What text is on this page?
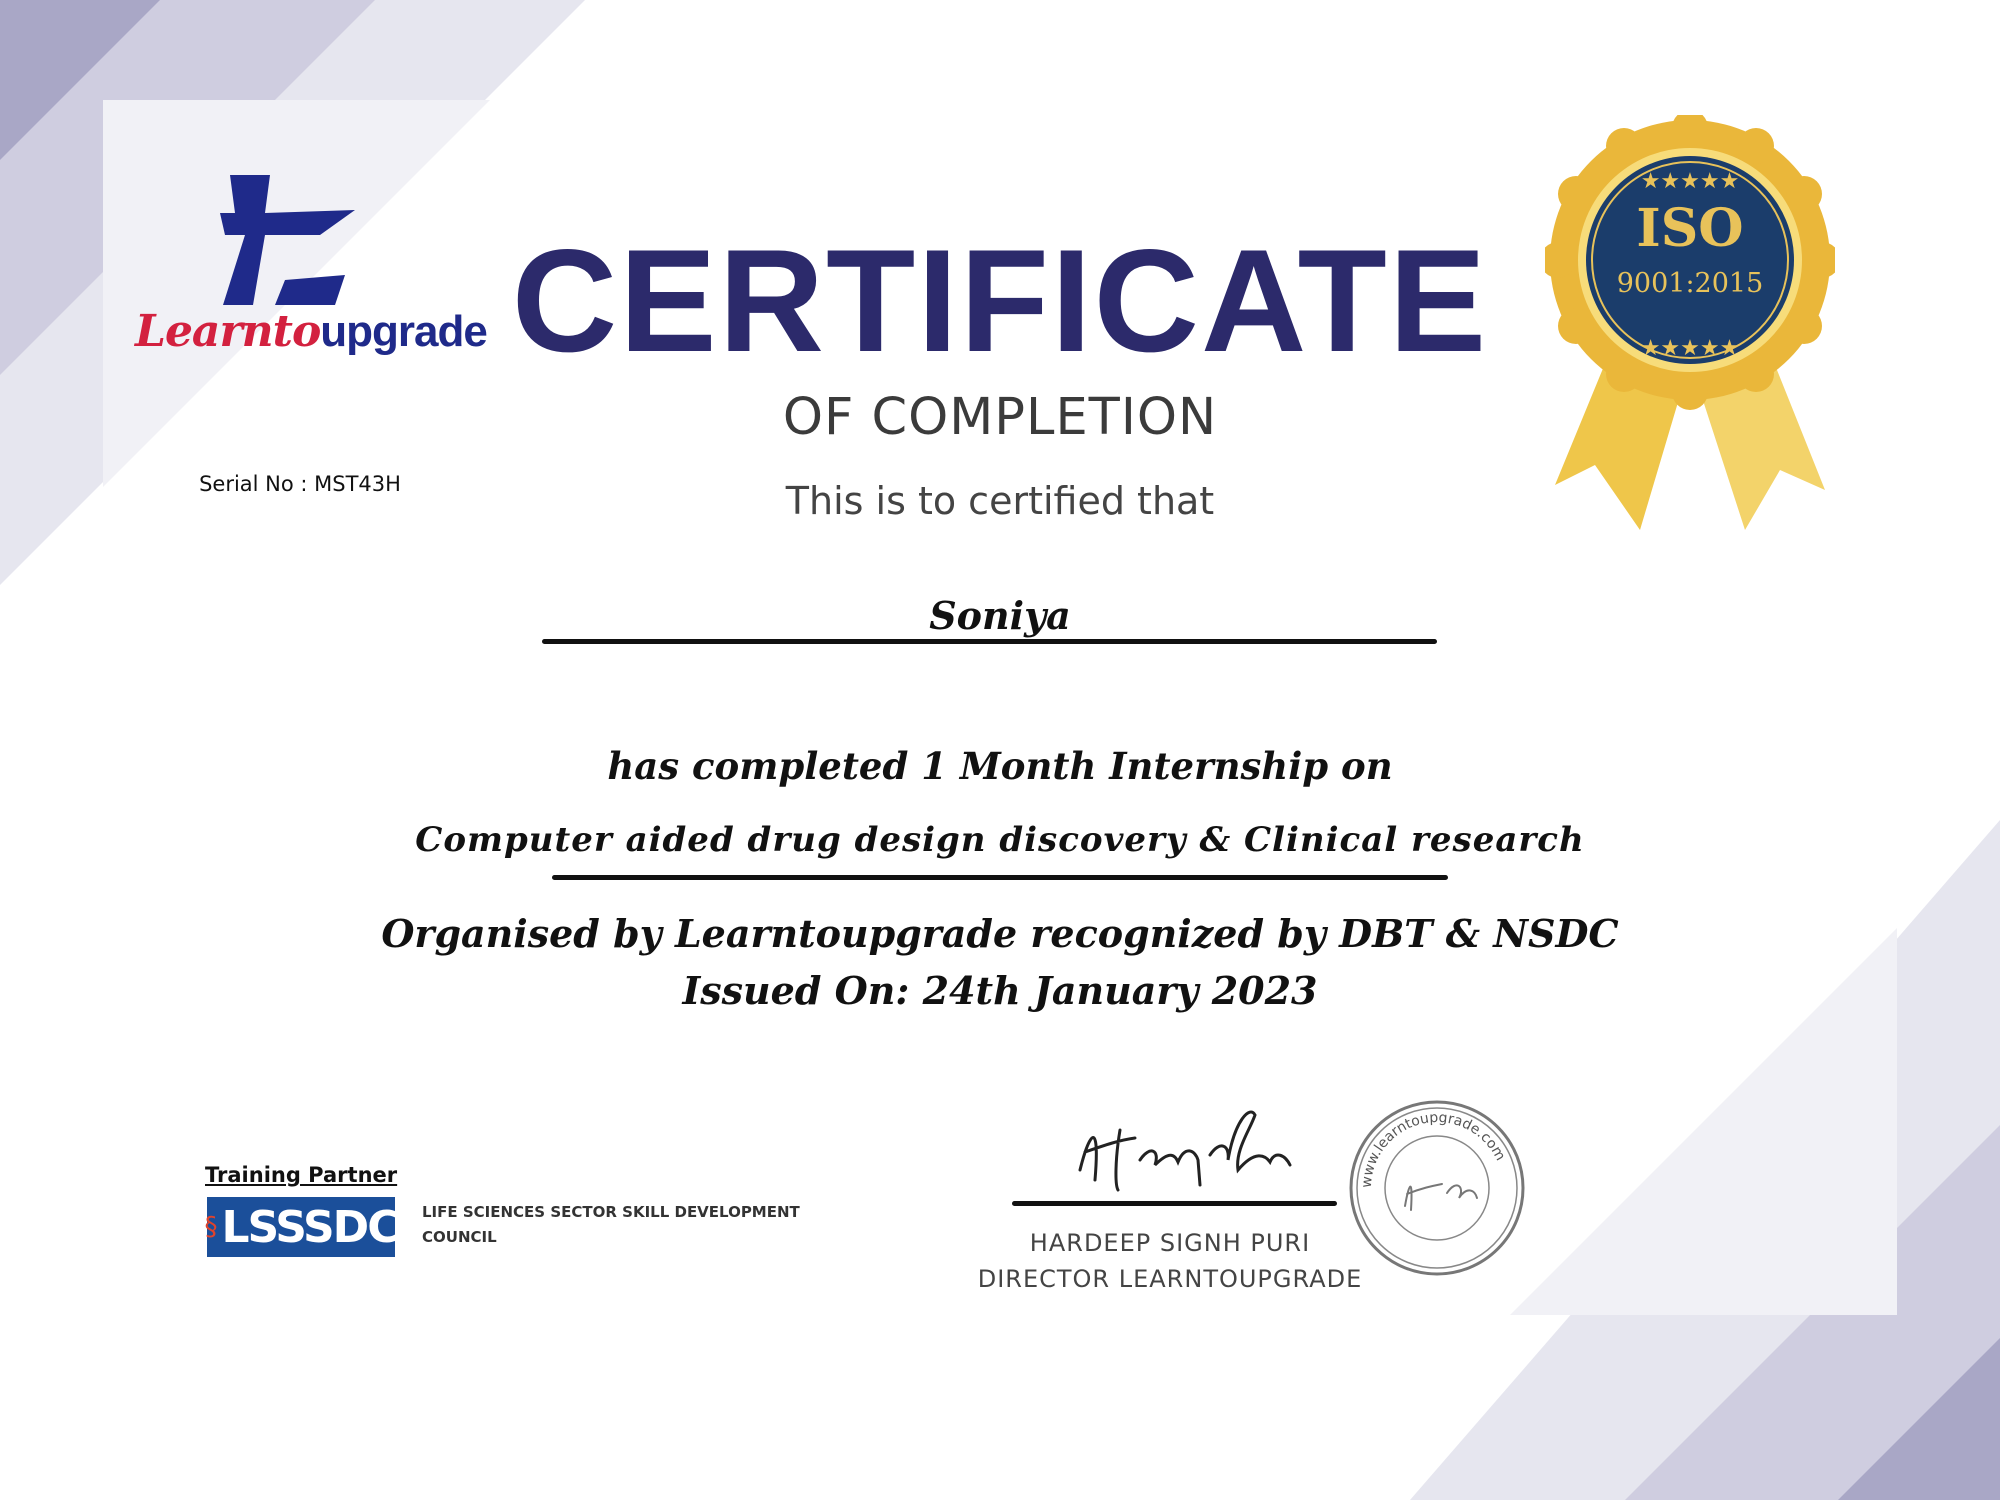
Learntoupgrade
Serial No : MST43H
CERTIFICATE
OF COMPLETION
This is to certified that
Soniya
has completed 1 Month Internship on
Computer aided drug design discovery & Clinical research
Organised by Learntoupgrade recognized by DBT & NSDC
Issued On: 24th January 2023
★★★★★
★★★★★
ISO
9001:2015
Training Partner
§ LSSSDC LIFE SCIENCES SECTOR SKILL DEVELOPMENT COUNCIL	HARDEEP SIGNH PURI
DIRECTOR LEARNTOUPGRADE
www.learntoupgrade.com
